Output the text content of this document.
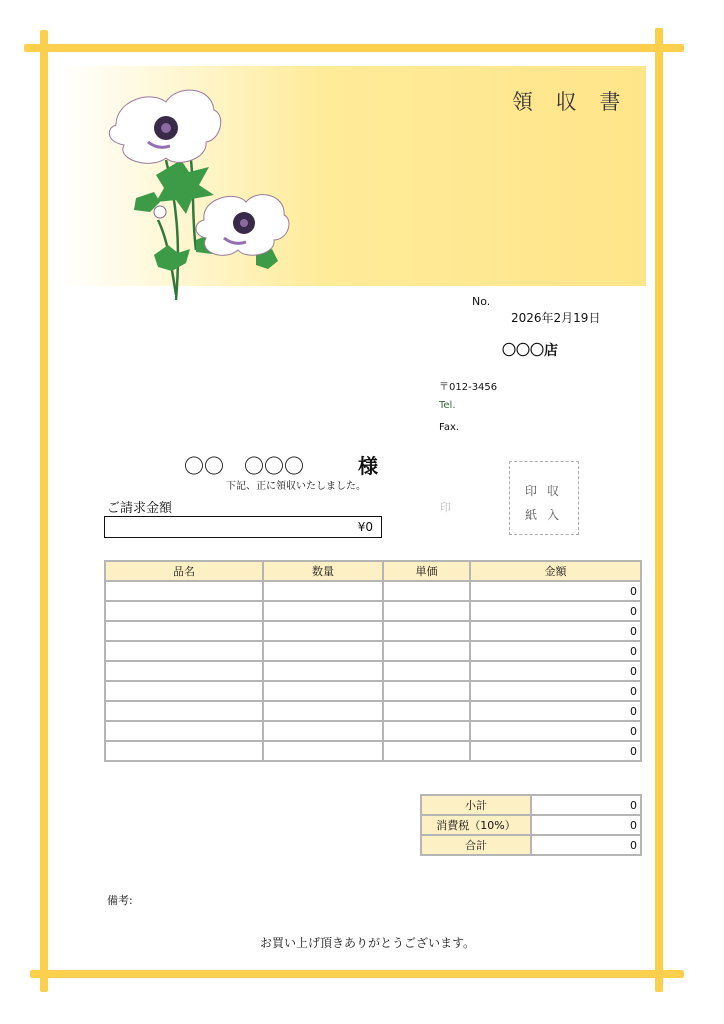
領 収 書
No.
2026年2月19日
〇〇〇店
〒012-3456
Tel.
Fax.
〇〇　〇〇〇	様
下記、正に領収いたしました。
ご請求金額
¥0
印
印収
紙入
品名	数量	単価	金額
			0
			0
			0
			0
			0
			0
			0
			0
			0
小計	0
消費税（10%）	0
合計	0
備考:
お買い上げ頂きありがとうございます。
